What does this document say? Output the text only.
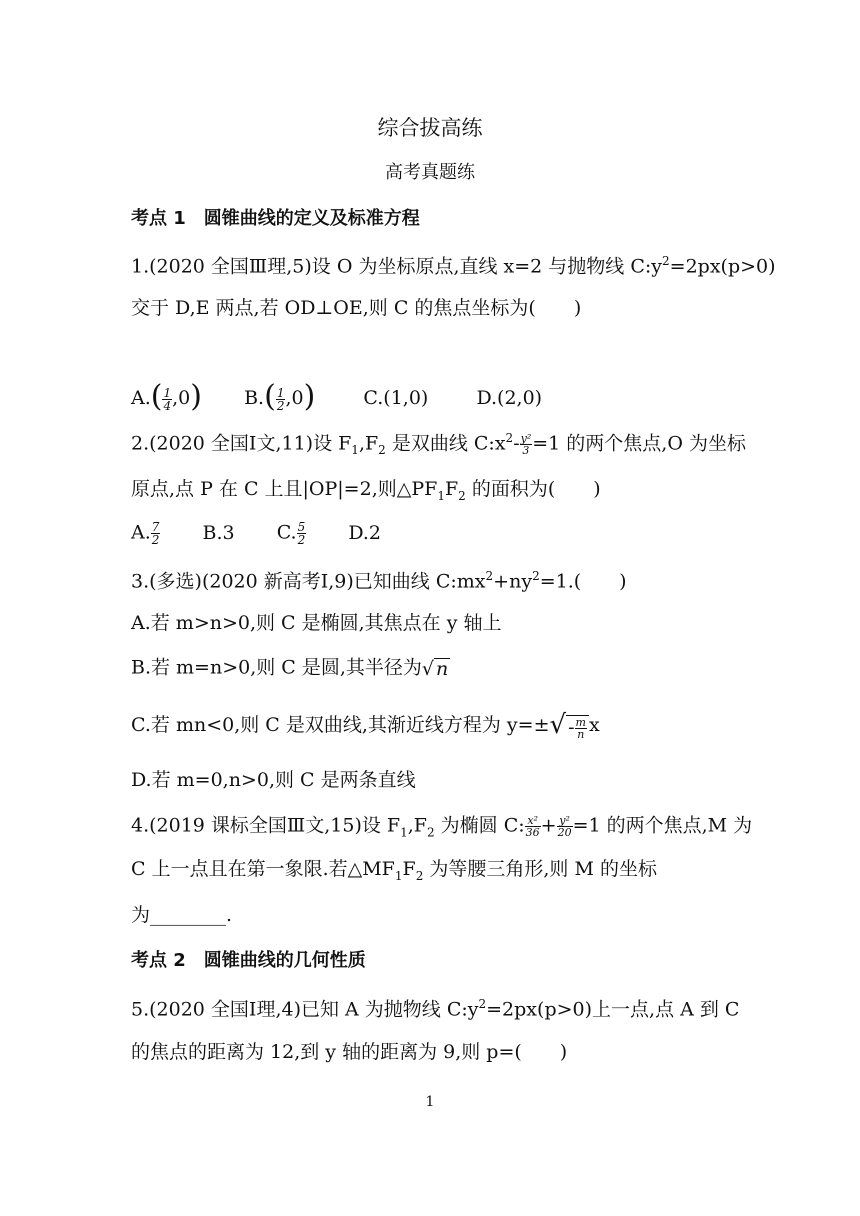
综合拔高练
高考真题练
考点 1　圆锥曲线的定义及标准方程
1.(2020 全国Ⅲ理,5)设 O 为坐标原点,直线 x=2 与抛物线 $C:y^2=2px(p>0)$
交于 D,E 两点,若 OD⊥OE,则 C 的焦点坐标为(　　)
$A.( \frac{1}{4} ,0)$ $B.( \frac{1}{2} ,0)$	C.(1,0)	D.(2,0)
2.(2020 全国Ⅰ文,11)设 $F_1,F_2$ 是双曲线 $C:x^2- \frac{\text{y²}}{3} =1$ 的两个焦点,O 为坐标
原点,点 P 在 C 上且|OP|=2,则$\triangle PF_1F_2$ 的面积为(　　)
A. $\frac{7}{2} B.3$ C. $\frac{5}{2} D.2$
3.(多选)(2020 新高考Ⅰ,9)已知曲线 $C:mx^2+ny^2=1$.(　　)
A.若 m>n>0,则 C 是椭圆,其焦点在 y 轴上
B.若 m=n>0,则 C 是圆,其半径为√ n
C.若 mn<0,则 C 是双曲线,其渐近线方程为 $y=\pm√ - \frac{m}{n}$ x
D.若 m=0,n>0,则 C 是两条直线
4.(2019 课标全国Ⅲ文,15)设 $F_1,F_2$ 为椭圆 C: $\frac{\text{x²}}{36} + \frac{\text{y²}}{20} =1$ 的两个焦点,M 为
C 上一点且在第一象限.若$\triangle MF_1F_2$ 为等腰三角形,则 M 的坐标
为________.
考点 2　圆锥曲线的几何性质
5.(2020 全国Ⅰ理,4)已知 A 为抛物线 $C:y^2=2px(p>0)$上一点,点 A 到 C
的焦点的距离为 12,到 y 轴的距离为 9,则 p=(　　)
1
